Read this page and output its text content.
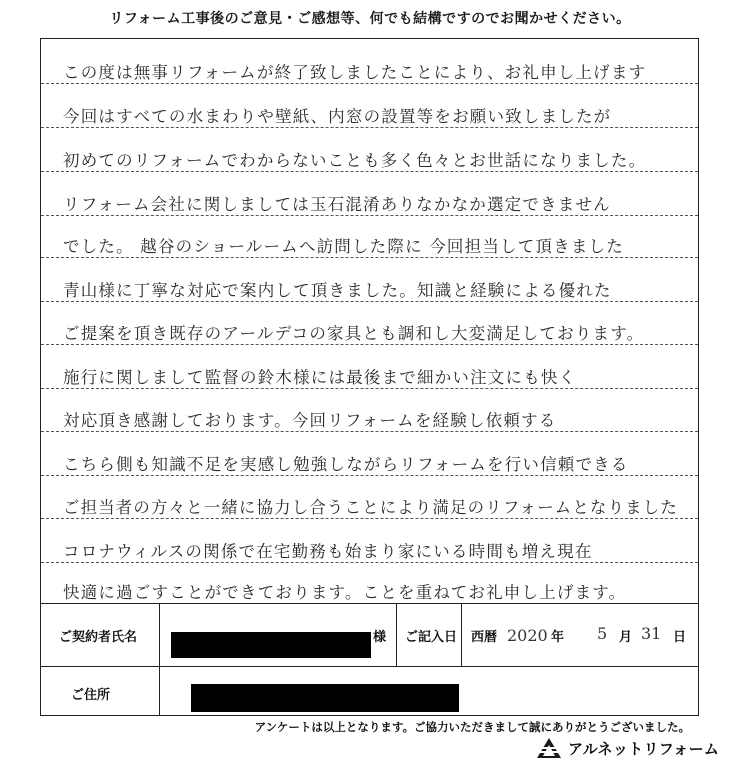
リフォーム工事後のご意見・ご感想等、何でも結構ですのでお聞かせください。
この度は無事リフォームが終了致しましたことにより、お礼申し上げます
今回はすべての水まわりや壁紙、内窓の設置等をお願い致しましたが
初めてのリフォームでわからないことも多く色々とお世話になりました。
リフォーム会社に関しましては玉石混淆ありなかなか選定できません
でした。 越谷のショールームへ訪問した際に 今回担当して頂きました
青山様に丁寧な対応で案内して頂きました。知識と経験による優れた
ご提案を頂き既存のアールデコの家具とも調和し大変満足しております。
施行に関しまして監督の鈴木様には最後まで細かい注文にも快く
対応頂き感謝しております。今回リフォームを経験し依頼する
こちら側も知識不足を実感し勉強しながらリフォームを行い信頼できる
ご担当者の方々と一緒に協力し合うことにより満足のリフォームとなりました
コロナウィルスの関係で在宅勤務も始まり家にいる時間も増え現在
快適に過ごすことができております。ことを重ねてお礼申し上げます。
ご契約者氏名	様 ご記入日 西暦 2020 年 5 月 31 日
ご住所
アンケートは以上となります。ご協力いただきまして誠にありがとうございました。
アルネットリフォーム
